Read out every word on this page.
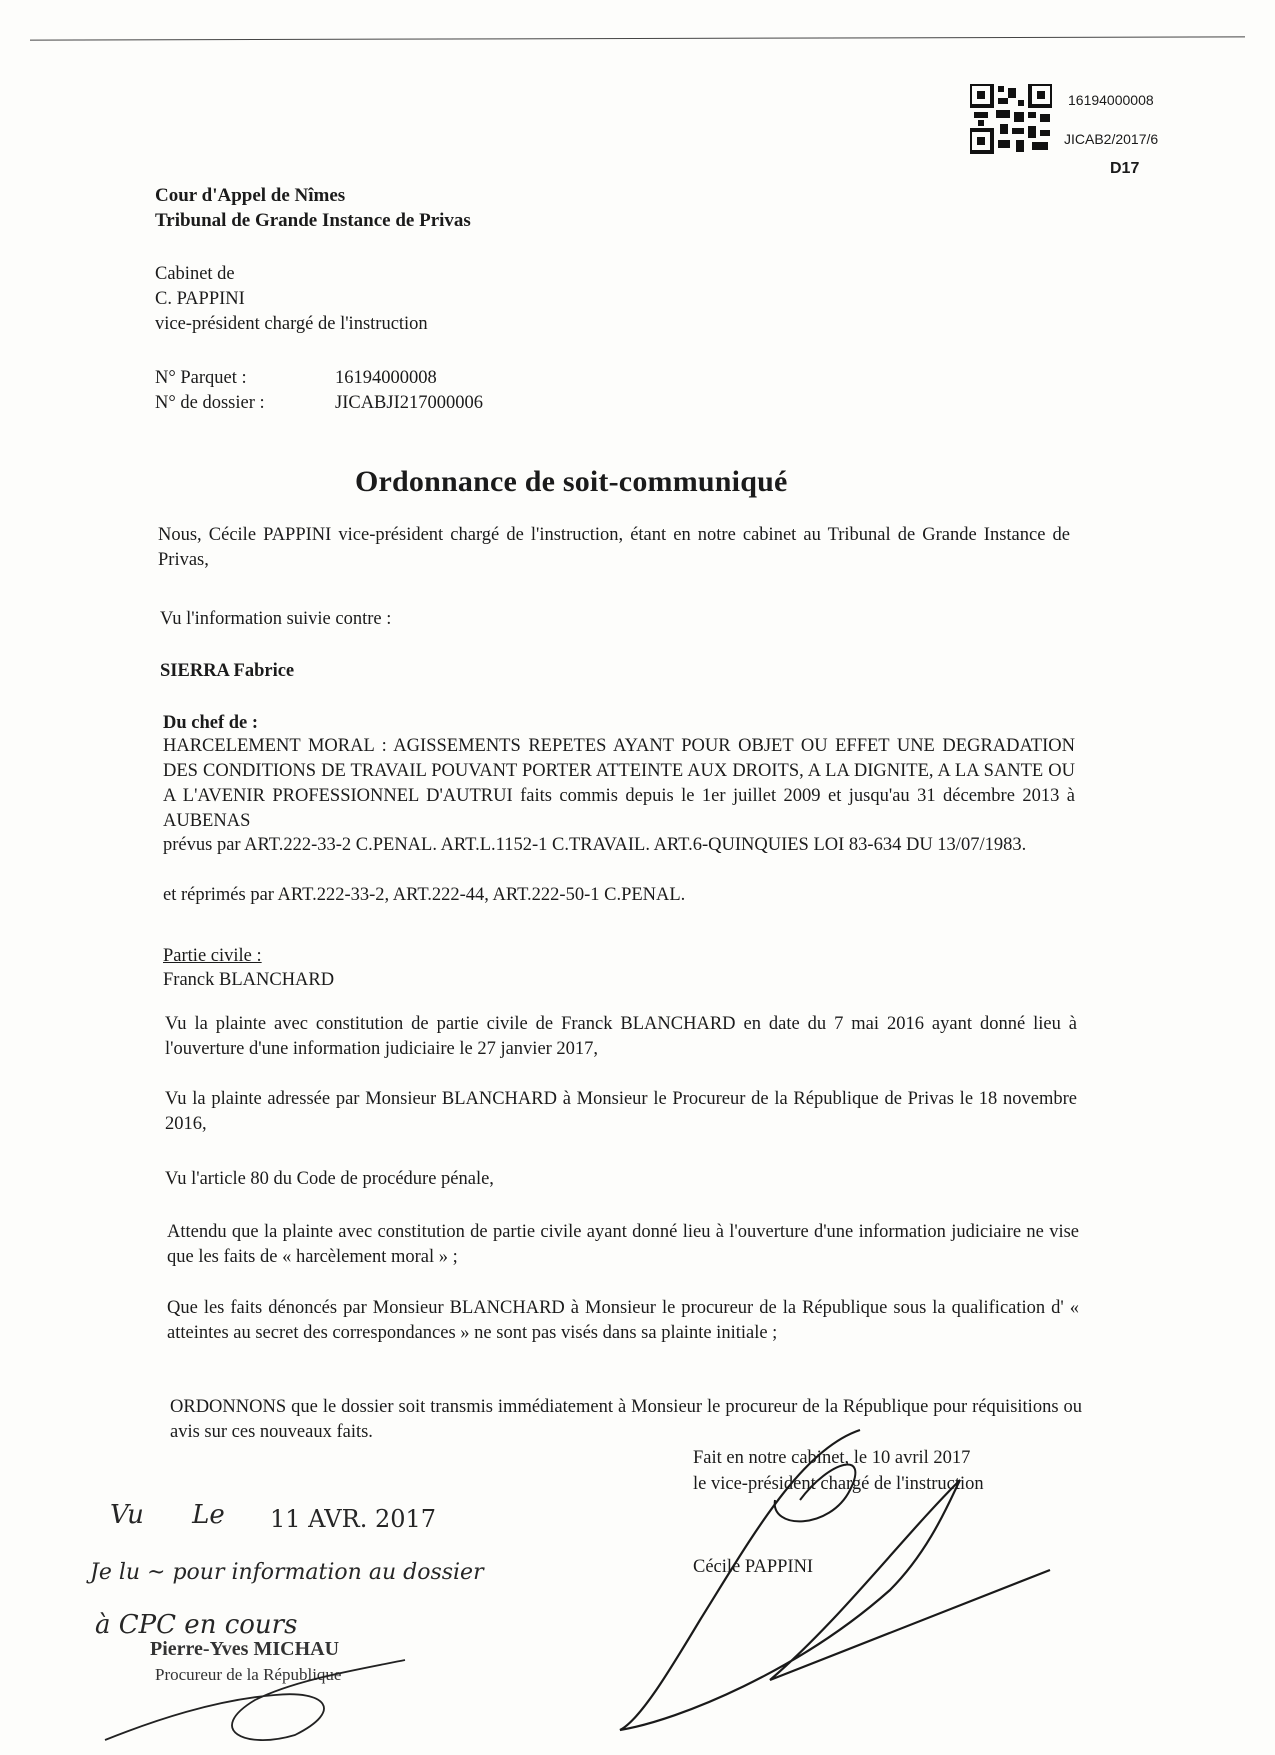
16194000008
JICAB2/2017/6
D17
Cour d'Appel de Nîmes
Tribunal de Grande Instance de Privas
Cabinet de
C. PAPPINI
vice-président chargé de l'instruction
N° Parquet :	16194000008
N° de dossier :	JICABJI217000006
Ordonnance de soit-communiqué
Nous, Cécile PAPPINI vice-président chargé de l'instruction, étant en notre cabinet au Tribunal de Grande Instance de Privas,
Vu l'information suivie contre :
SIERRA Fabrice
Du chef de :
HARCELEMENT MORAL : AGISSEMENTS REPETES AYANT POUR OBJET OU EFFET UNE DEGRADATION DES CONDITIONS DE TRAVAIL POUVANT PORTER ATTEINTE AUX DROITS, A LA DIGNITE, A LA SANTE OU A L'AVENIR PROFESSIONNEL D'AUTRUI faits commis depuis le 1er juillet 2009 et jusqu'au 31 décembre 2013 à AUBENAS
prévus par ART.222-33-2 C.PENAL. ART.L.1152-1 C.TRAVAIL. ART.6-QUINQUIES LOI 83-634 DU 13/07/1983.
et réprimés par ART.222-33-2, ART.222-44, ART.222-50-1 C.PENAL.
Partie civile :
Franck BLANCHARD
Vu la plainte avec constitution de partie civile de Franck BLANCHARD en date du 7 mai 2016 ayant donné lieu à l'ouverture d'une information judiciaire le 27 janvier 2017,
Vu la plainte adressée par Monsieur BLANCHARD à Monsieur le Procureur de la République de Privas le 18 novembre 2016,
Vu l'article 80 du Code de procédure pénale,
Attendu que la plainte avec constitution de partie civile ayant donné lieu à l'ouverture d'une information judiciaire ne vise que les faits de « harcèlement moral » ;
Que les faits dénoncés par Monsieur BLANCHARD à Monsieur le procureur de la République sous la qualification d' « atteintes au secret des correspondances » ne sont pas visés dans sa plainte initiale ;
ORDONNONS que le dossier soit transmis immédiatement à Monsieur le procureur de la République pour réquisitions ou avis sur ces nouveaux faits.
Fait en notre cabinet, le 10 avril 2017
le vice-président chargé de l'instruction
Cécile PAPPINI
Vu Le 11 AVR. 2017
Je lu ~ pour information au dossier
à CPC en cours
Pierre-Yves MICHAU
Procureur de la République
